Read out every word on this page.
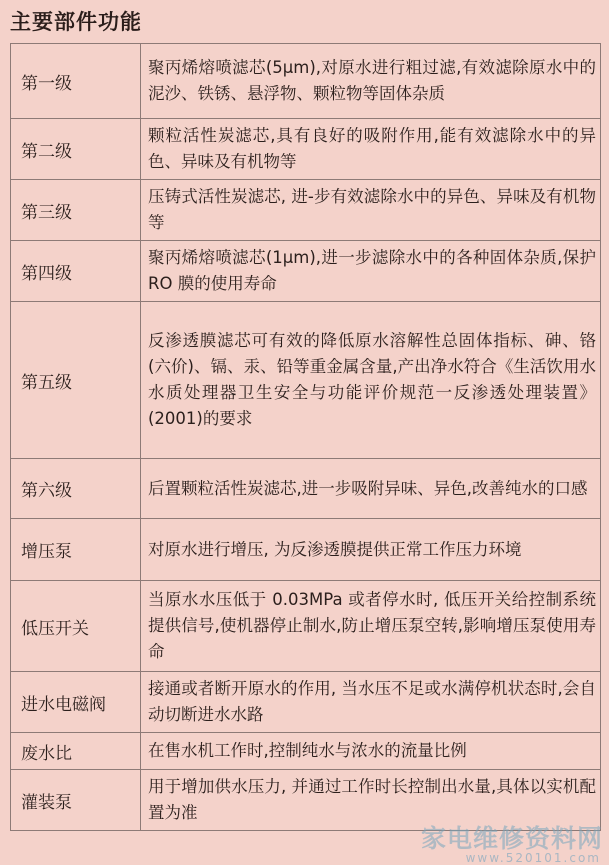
主要部件功能
第一级	聚丙烯熔喷滤芯(5μm),对原水进行粗过滤,有效滤除原水中的泥沙、铁锈、悬浮物、颗粒物等固体杂质
第二级	颗粒活性炭滤芯,具有良好的吸附作用,能有效滤除水中的异色、异味及有机物等
第三级	压铸式活性炭滤芯, 进-步有效滤除水中的异色、异味及有机物等
第四级	聚丙烯熔喷滤芯(1μm),进一步滤除水中的各种固体杂质,保护 RO 膜的使用寿命
第五级	反渗透膜滤芯可有效的降低原水溶解性总固体指标、砷、铬(六价)、镉、汞、铅等重金属含量,产出净水符合《生活饮用水水质处理器卫生安全与功能评价规范一反渗透处理装置》(2001)的要求
第六级	后置颗粒活性炭滤芯,进一步吸附异味、异色,改善纯水的口感
增压泵	对原水进行增压, 为反渗透膜提供正常工作压力环境
低压开关	当原水水压低于 0.03MPa 或者停水时, 低压开关给控制系统提供信号,使机器停止制水,防止增压泵空转,影响增压泵使用寿命
进水电磁阀	接通或者断开原水的作用, 当水压不足或水满停机状态时,会自动切断进水水路
废水比	在售水机工作时,控制纯水与浓水的流量比例
灌装泵	用于增加供水压力, 并通过工作时长控制出水量,具体以实机配置为准
家电维修资料网
www.520101.com
